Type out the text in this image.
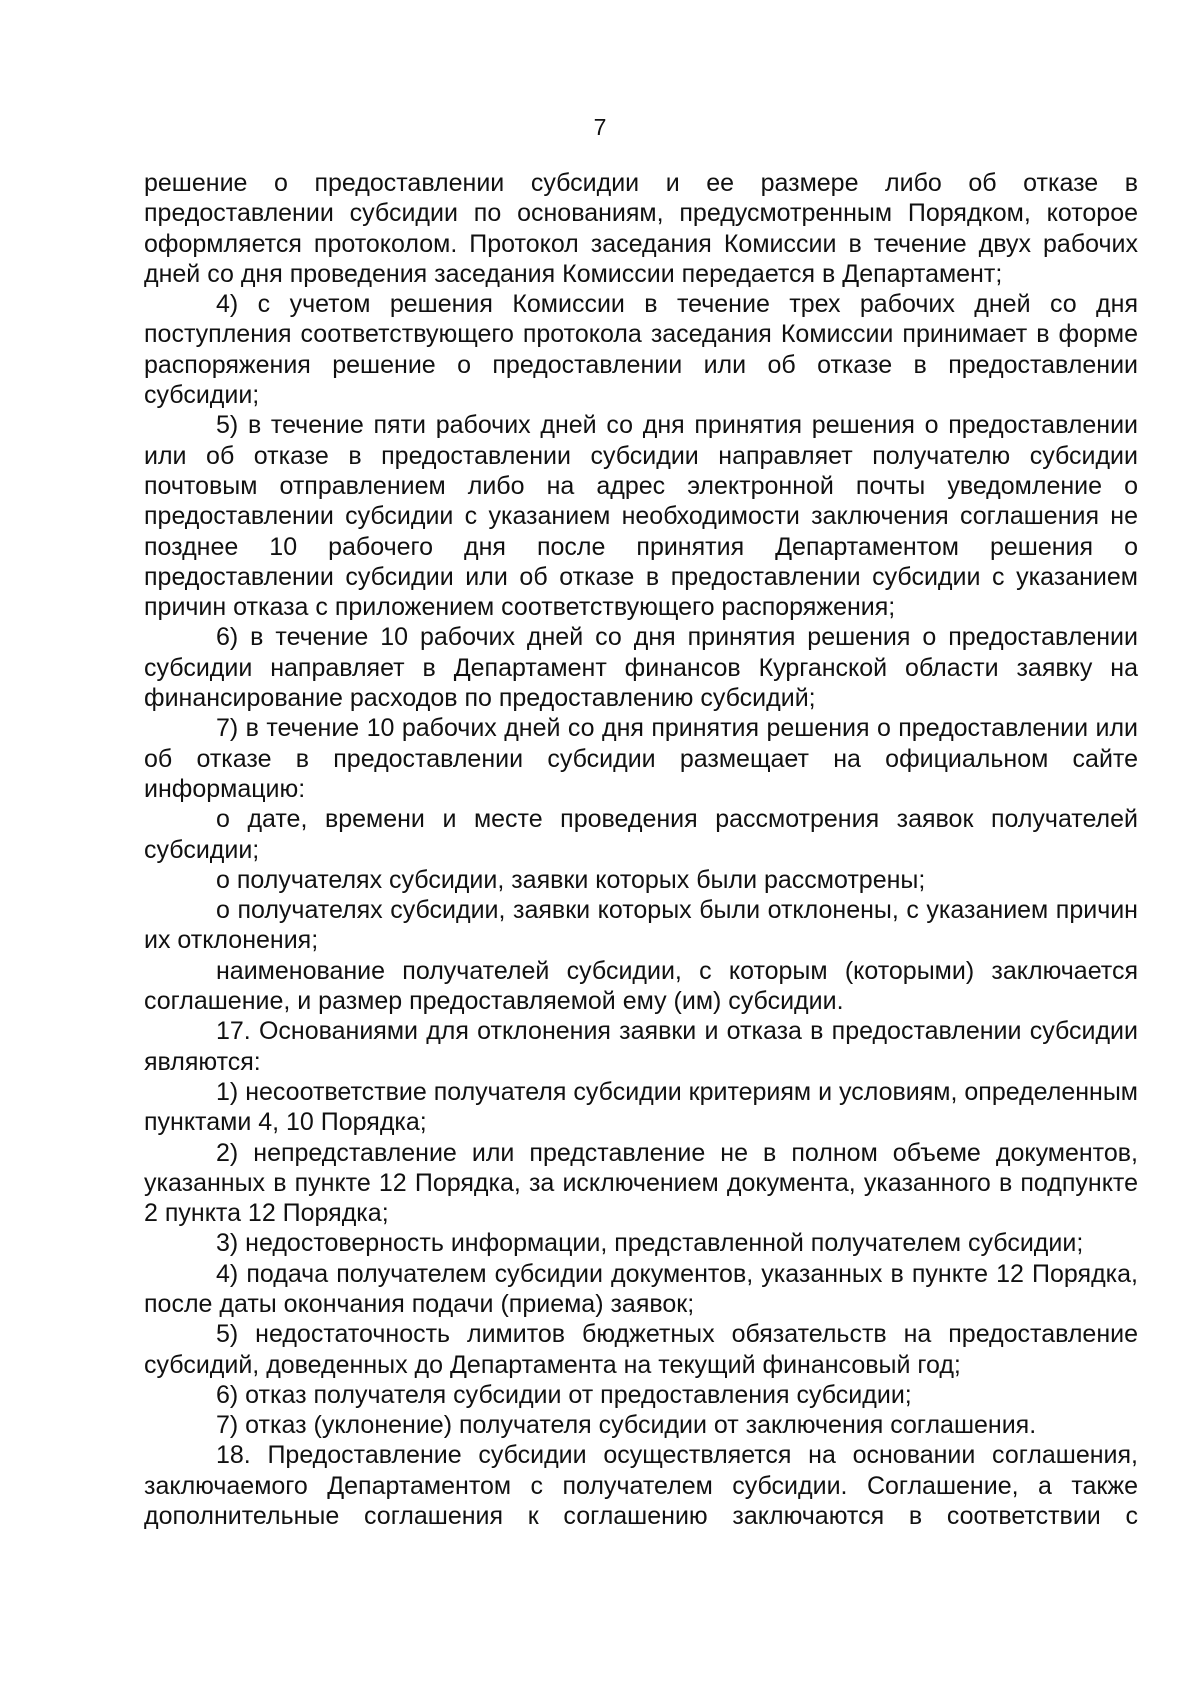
7

решение о предоставлении субсидии и ее размере либо об отказе в предоставлении субсидии по основаниям, предусмотренным Порядком, которое оформляется протоколом. Протокол заседания Комиссии в течение двух рабочих дней со дня проведения заседания Комиссии передается в Департамент;

4) с учетом решения Комиссии в течение трех рабочих дней со дня поступления соответствующего протокола заседания Комиссии принимает в форме распоряжения решение о предоставлении или об отказе в предоставлении субсидии;

5) в течение пяти рабочих дней со дня принятия решения о предоставлении или об отказе в предоставлении субсидии направляет получателю субсидии почтовым отправлением либо на адрес электронной почты уведомление о предоставлении субсидии с указанием необходимости заключения соглашения не позднее 10 рабочего дня после принятия Департаментом решения о предоставлении субсидии или об отказе в предоставлении субсидии с указанием причин отказа с приложением соответствующего распоряжения;

6) в течение 10 рабочих дней со дня принятия решения о предоставлении субсидии направляет в Департамент финансов Курганской области заявку на финансирование расходов по предоставлению субсидий;

7) в течение 10 рабочих дней со дня принятия решения о предоставлении или об отказе в предоставлении субсидии размещает на официальном сайте информацию:

о дате, времени и месте проведения рассмотрения заявок получателей субсидии;

о получателях субсидии, заявки которых были рассмотрены;

о получателях субсидии, заявки которых были отклонены, с указанием причин их отклонения;

наименование получателей субсидии, с которым (которыми) заключается соглашение, и размер предоставляемой ему (им) субсидии.

17. Основаниями для отклонения заявки и отказа в предоставлении субсидии являются:

1) несоответствие получателя субсидии критериям и условиям, определенным пунктами 4, 10 Порядка;

2) непредставление или представление не в полном объеме документов, указанных в пункте 12 Порядка, за исключением документа, указанного в подпункте 2 пункта 12 Порядка;

3) недостоверность информации, представленной получателем субсидии;

4) подача получателем субсидии документов, указанных в пункте 12 Порядка, после даты окончания подачи (приема) заявок;

5) недостаточность лимитов бюджетных обязательств на предоставление субсидий, доведенных до Департамента на текущий финансовый год;

6) отказ получателя субсидии от предоставления субсидии;

7) отказ (уклонение) получателя субсидии от заключения соглашения.

18. Предоставление субсидии осуществляется на основании соглашения, заключаемого Департаментом с получателем субсидии. Соглашение, а также дополнительные соглашения к соглашению заключаются в соответствии с
